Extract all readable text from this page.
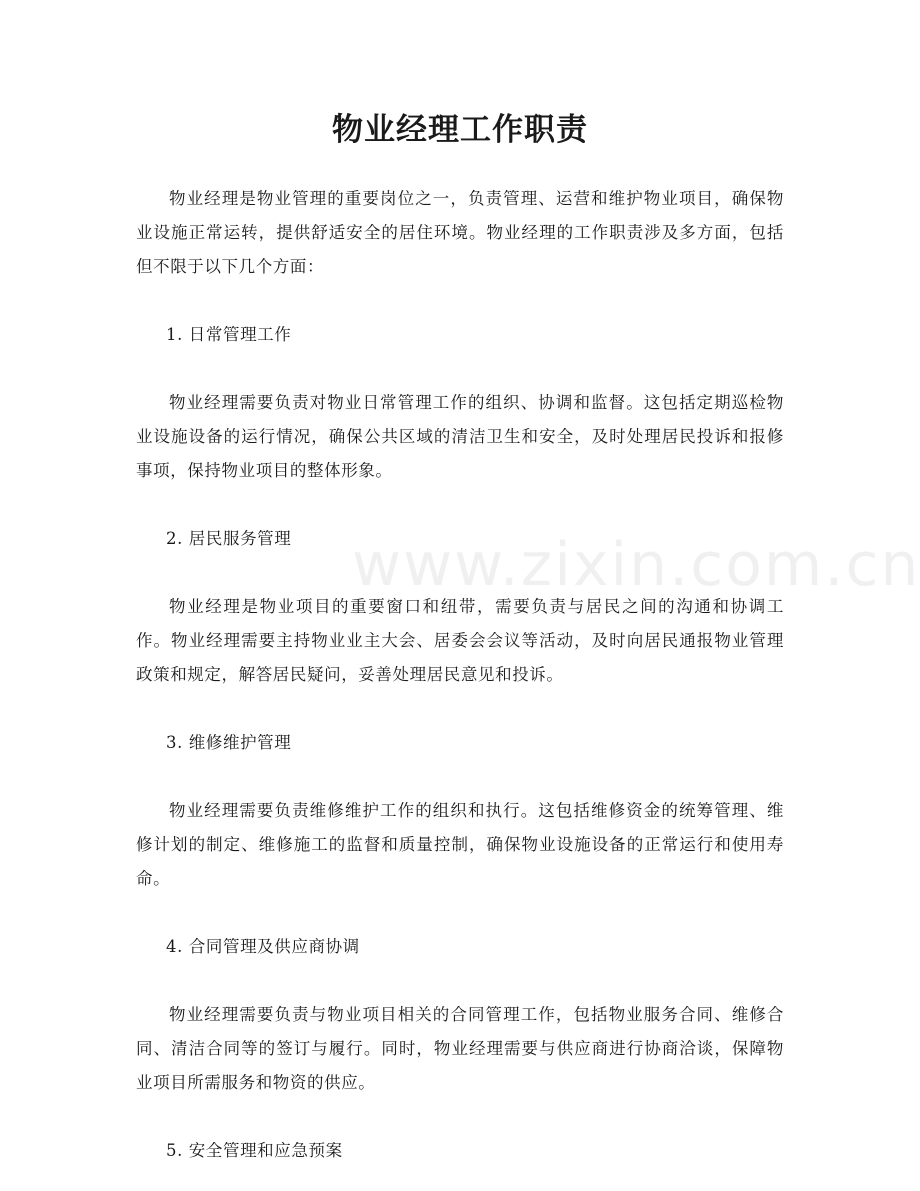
物业经理工作职责

物业经理是物业管理的重要岗位之一，负责管理、运营和维护物业项目，确保物业设施正常运转，提供舒适安全的居住环境。物业经理的工作职责涉及多方面，包括但不限于以下几个方面：

1. 日常管理工作

物业经理需要负责对物业日常管理工作的组织、协调和监督。这包括定期巡检物业设施设备的运行情况，确保公共区域的清洁卫生和安全，及时处理居民投诉和报修事项，保持物业项目的整体形象。

2. 居民服务管理

物业经理是物业项目的重要窗口和纽带，需要负责与居民之间的沟通和协调工作。物业经理需要主持物业业主大会、居委会会议等活动，及时向居民通报物业管理政策和规定，解答居民疑问，妥善处理居民意见和投诉。

3. 维修维护管理

物业经理需要负责维修维护工作的组织和执行。这包括维修资金的统筹管理、维修计划的制定、维修施工的监督和质量控制，确保物业设施设备的正常运行和使用寿命。

4. 合同管理及供应商协调

物业经理需要负责与物业项目相关的合同管理工作，包括物业服务合同、维修合同、清洁合同等的签订与履行。同时，物业经理需要与供应商进行协商洽谈，保障物业项目所需服务和物资的供应。

5. 安全管理和应急预案

www.zixin.com.cn
